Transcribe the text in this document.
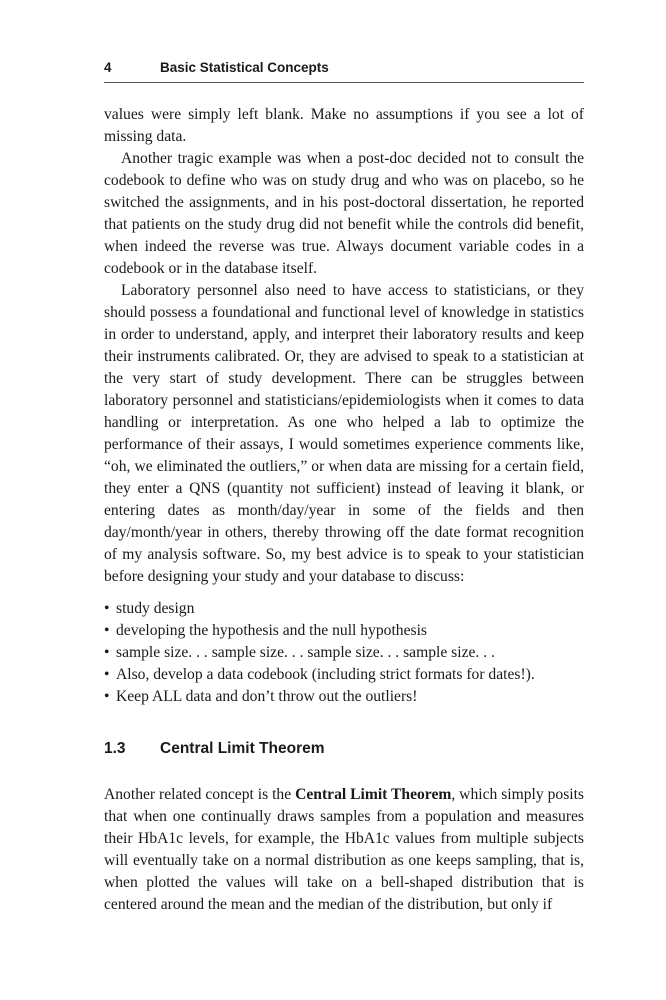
4	Basic Statistical Concepts

values were simply left blank. Make no assumptions if you see a lot of missing data.

Another tragic example was when a post-doc decided not to consult the codebook to define who was on study drug and who was on placebo, so he switched the assignments, and in his post-doctoral dissertation, he reported that patients on the study drug did not benefit while the controls did benefit, when indeed the reverse was true. Always document variable codes in a codebook or in the database itself.

Laboratory personnel also need to have access to statisticians, or they should possess a foundational and functional level of knowledge in statistics in order to understand, apply, and interpret their laboratory results and keep their instruments calibrated. Or, they are advised to speak to a statistician at the very start of study development. There can be struggles between laboratory personnel and statisticians/epidemiologists when it comes to data handling or interpretation. As one who helped a lab to optimize the performance of their assays, I would sometimes experience comments like, “oh, we eliminated the outliers,” or when data are missing for a certain field, they enter a QNS (quantity not sufficient) instead of leaving it blank, or entering dates as month/day/year in some of the fields and then day/month/year in others, thereby throwing off the date format recognition of my analysis software. So, my best advice is to speak to your statistician before designing your study and your database to discuss:

• study design
• developing the hypothesis and the null hypothesis
• sample size. . . sample size. . . sample size. . . sample size. . .
• Also, develop a data codebook (including strict formats for dates!).
• Keep ALL data and don’t throw out the outliers!
1.3 Central Limit Theorem

Another related concept is the Central Limit Theorem, which simply posits that when one continually draws samples from a population and measures their HbA1c levels, for example, the HbA1c values from multiple subjects will eventually take on a normal distribution as one keeps sampling, that is, when plotted the values will take on a bell-shaped distribution that is centered around the mean and the median of the distribution, but only if
